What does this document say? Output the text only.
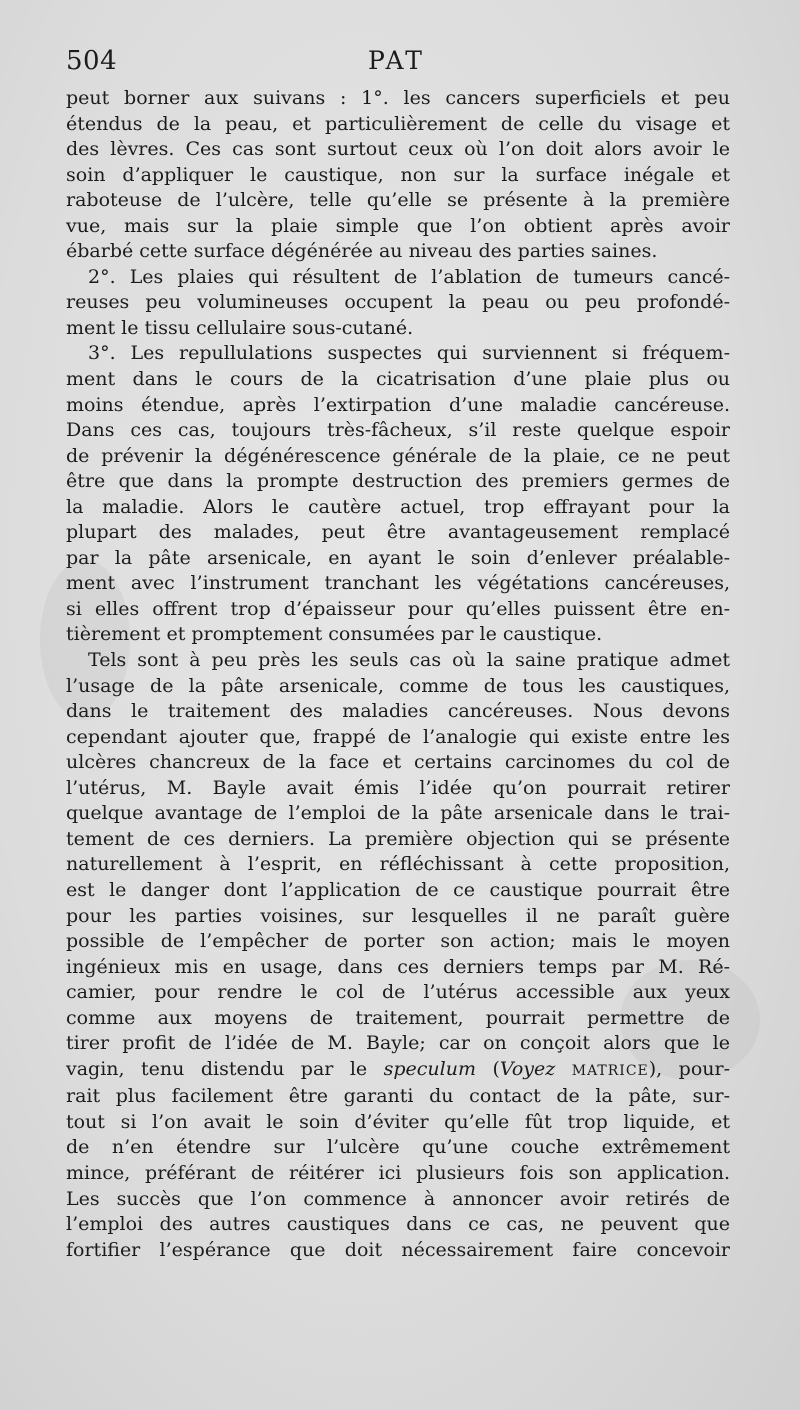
504	PAT
peut borner aux suivans : 1°. les cancers superficiels et peu
étendus de la peau, et particulièrement de celle du visage et
des lèvres. Ces cas sont surtout ceux où l’on doit alors avoir le
soin d’appliquer le caustique, non sur la surface inégale et
raboteuse de l’ulcère, telle qu’elle se présente à la première
vue, mais sur la plaie simple que l’on obtient après avoir
ébarbé cette surface dégénérée au niveau des parties saines.
2°. Les plaies qui résultent de l’ablation de tumeurs cancé-
reuses peu volumineuses occupent la peau ou peu profondé-
ment le tissu cellulaire sous-cutané.
3°. Les repullulations suspectes qui surviennent si fréquem-
ment dans le cours de la cicatrisation d’une plaie plus ou
moins étendue, après l’extirpation d’une maladie cancéreuse.
Dans ces cas, toujours très-fâcheux, s’il reste quelque espoir
de prévenir la dégénérescence générale de la plaie, ce ne peut
être que dans la prompte destruction des premiers germes de
la maladie. Alors le cautère actuel, trop effrayant pour la
plupart des malades, peut être avantageusement remplacé
par la pâte arsenicale, en ayant le soin d’enlever préalable-
ment avec l’instrument tranchant les végétations cancéreuses,
si elles offrent trop d’épaisseur pour qu’elles puissent être en-
tièrement et promptement consumées par le caustique.
Tels sont à peu près les seuls cas où la saine pratique admet
l’usage de la pâte arsenicale, comme de tous les caustiques,
dans le traitement des maladies cancéreuses. Nous devons
cependant ajouter que, frappé de l’analogie qui existe entre les
ulcères chancreux de la face et certains carcinomes du col de
l’utérus, M. Bayle avait émis l’idée qu’on pourrait retirer
quelque avantage de l’emploi de la pâte arsenicale dans le trai-
tement de ces derniers. La première objection qui se présente
naturellement à l’esprit, en réfléchissant à cette proposition,
est le danger dont l’application de ce caustique pourrait être
pour les parties voisines, sur lesquelles il ne paraît guère
possible de l’empêcher de porter son action; mais le moyen
ingénieux mis en usage, dans ces derniers temps par M. Ré-
camier, pour rendre le col de l’utérus accessible aux yeux
comme aux moyens de traitement, pourrait permettre de
tirer profit de l’idée de M. Bayle; car on conçoit alors que le
vagin, tenu distendu par le speculum (Voyez MATRICE), pour-
rait plus facilement être garanti du contact de la pâte, sur-
tout si l’on avait le soin d’éviter qu’elle fût trop liquide, et
de n’en étendre sur l’ulcère qu’une couche extrêmement
mince, préférant de réitérer ici plusieurs fois son application.
Les succès que l’on commence à annoncer avoir retirés de
l’emploi des autres caustiques dans ce cas, ne peuvent que
fortifier l’espérance que doit nécessairement faire concevoir
